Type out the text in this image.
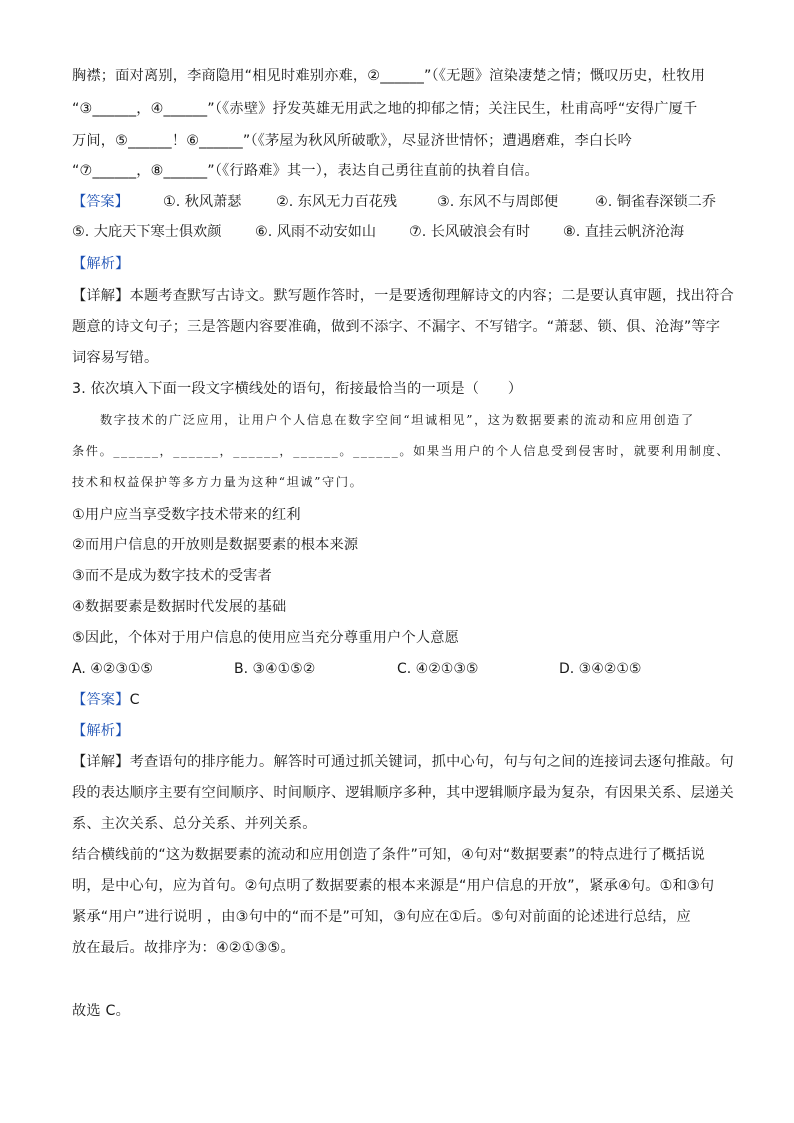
胸襟；面对离别，李商隐用“相见时难别亦难，②______”（《无题》渲染凄楚之情；慨叹历史，杜牧用
“③______，④______”（《赤壁》抒发英雄无用武之地的抑郁之情；关注民生，杜甫高呼“安得广厦千
万间，⑤______！⑥______”（《茅屋为秋风所破歌》，尽显济世情怀；遭遇磨难，李白长吟
“⑦______，⑧______”（《行路难》其一），表达自己勇往直前的执着自信。
【答案】 ①. 秋风萧瑟 ②. 东风无力百花残	③. 东风不与周郎便	④. 铜雀春深锁二乔
⑤. 大庇天下寒士俱欢颜 ⑥. 风雨不动安如山 ⑦. 长风破浪会有时 ⑧. 直挂云帆济沧海
【解析】
【详解】本题考查默写古诗文。默写题作答时，一是要透彻理解诗文的内容；二是要认真审题，找出符合
题意的诗文句子；三是答题内容要准确，做到不添字、不漏字、不写错字。“萧瑟、锁、俱、沧海”等字
词容易写错。
3. 依次填入下面一段文字横线处的语句，衔接最恰当的一项是（　　）
数字技术的广泛应用，让用户个人信息在数字空间“坦诚相见”，这为数据要素的流动和应用创造了
条件。______，______，______，______。______。如果当用户的个人信息受到侵害时，就要利用制度、
技术和权益保护等多方力量为这种“坦诚”守门。
①用户应当享受数字技术带来的红利
②而用户信息的开放则是数据要素的根本来源
③而不是成为数字技术的受害者
④数据要素是数据时代发展的基础
⑤因此，个体对于用户信息的使用应当充分尊重用户个人意愿
A. ④②③①⑤	B. ③④①⑤②	C. ④②①③⑤	D. ③④②①⑤
【答案】C
【解析】
【详解】考查语句的排序能力。解答时可通过抓关键词，抓中心句，句与句之间的连接词去逐句推敲。句
段的表达顺序主要有空间顺序、时间顺序、逻辑顺序多种，其中逻辑顺序最为复杂，有因果关系、层递关
系、主次关系、总分关系、并列关系。
结合横线前的“这为数据要素的流动和应用创造了条件”可知，④句对“数据要素”的特点进行了概括说
明，是中心句，应为首句。②句点明了数据要素的根本来源是“用户信息的开放”，紧承④句。①和③句
紧承“用户”进行说明 ，由③句中的“而不是”可知，③句应在①后。⑤句对前面的论述进行总结，应
放在最后。故排序为：④②①③⑤。
故选 C。
